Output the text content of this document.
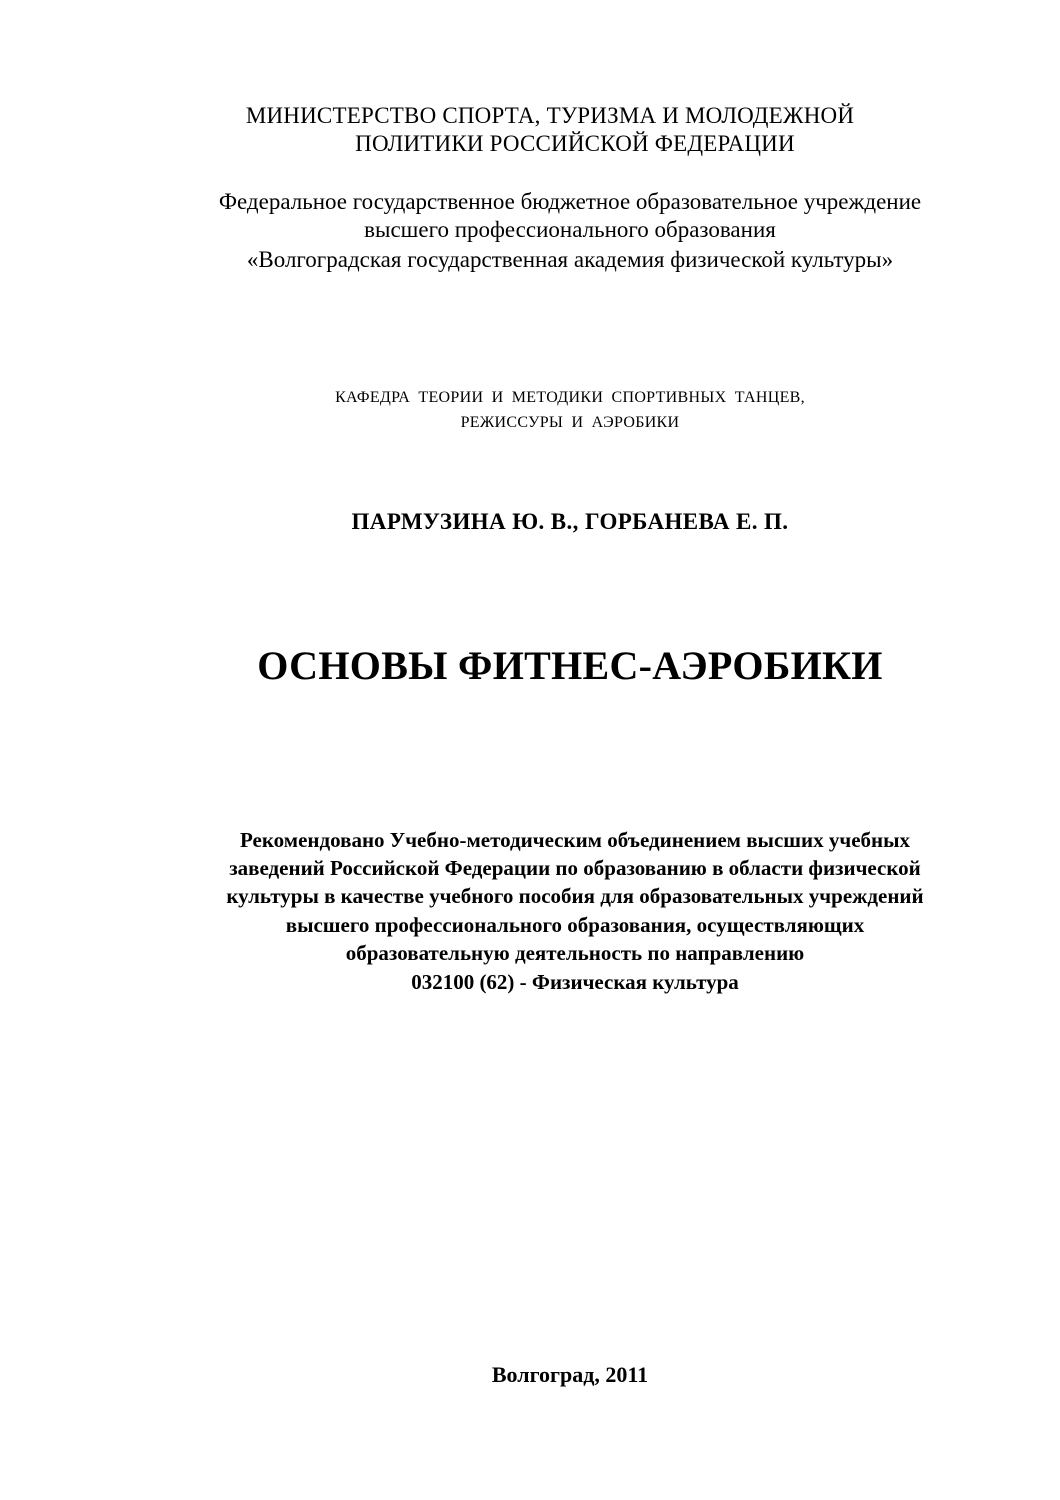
МИНИСТЕРСТВО СПОРТА, ТУРИЗМА И МОЛОДЕЖНОЙ
ПОЛИТИКИ РОССИЙСКОЙ ФЕДЕРАЦИИ
Федеральное государственное бюджетное образовательное учреждение
высшего профессионального образования
«Волгоградская государственная академия физической культуры»
КАФЕДРА ТЕОРИИ И МЕТОДИКИ СПОРТИВНЫХ ТАНЦЕВ,
РЕЖИССУРЫ И АЭРОБИКИ
ПАРМУЗИНА Ю. В., ГОРБАНЕВА Е. П.
ОСНОВЫ ФИТНЕС-АЭРОБИКИ
Рекомендовано Учебно-методическим объединением высших учебных
заведений Российской Федерации по образованию в области физической
культуры в качестве учебного пособия для образовательных учреждений
высшего профессионального образования, осуществляющих
образовательную деятельность по направлению
032100 (62) - Физическая культура
Волгоград, 2011
